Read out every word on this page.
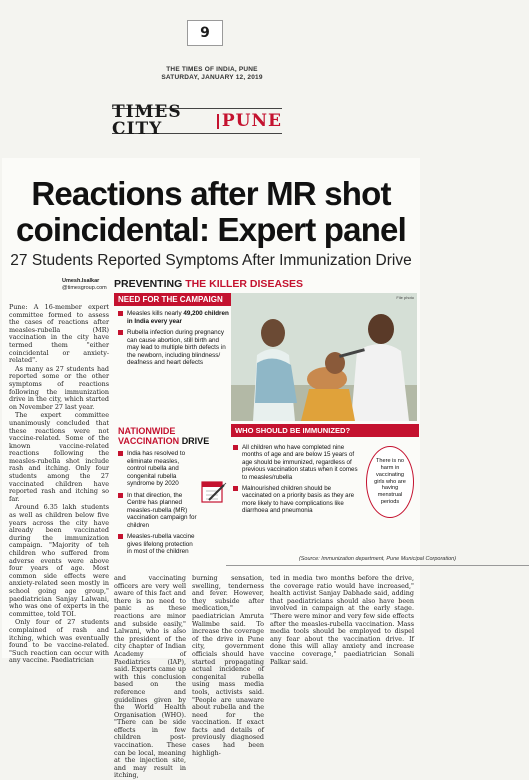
9
THE TIMES OF INDIA, PUNE
SATURDAY, JANUARY 12, 2019
TIMES CITY	PUNE
Reactions after MR shot
coincidental: Expert panel
27 Students Reported Symptoms After Immunization Drive
Umesh.Isalkar
@timesgroup.com

Pune: A 16-member expert committee formed to assess the cases of reactions after measles-rubella (MR) vaccination in the city have termed them "either coincidental or anxiety-related".

As many as 27 students had reported some or the other symptoms of reactions following the immunization drive in the city, which started on November 27 last year.

The expert committee unanimously concluded that these reactions were not vaccine-related. Some of the known vaccine-related reactions following the measles-rubella shot include rash and itching. Only four students among the 27 vaccinated children have reported rash and itching so far.

Around 6.35 lakh students as well as children below five years across the city have already been vaccinated during the immunization campaign. "Majority of teh children who suffered from adverse events were above four years of age. Most common side effects were anxiety-related seen mostly in school going age group," paediatrician Sanjay Lalwani, who was one of experts in the committee, told TOI.

Only four of 27 students complained of rash and itching, which was eventually found to be vaccine-related. "Such reaction can occur with any vaccine. Paediatrician

PREVENTING THE KILLER DISEASES
NEED FOR THE CAMPAIGN
Measles kills nearly 49,200 children in India every year
Rubella infection during pregnancy can cause abortion, still birth and may lead to multiple birth defects in the newborn, including blindness/ deafness and heart defects
NATIONWIDE VACCINATION DRIVE
India has resolved to eliminate measles, control rubella and congenital rubella syndrome by 2020
In that direction, the Centre has planned measles-rubella (MR) vaccination campaign for children
Measles-rubella vaccine gives lifelong protection in most of the children
File photo
WHO SHOULD BE IMMUNIZED?
All children who have completed nine months of age and are below 15 years of age should be immunized, regardless of previous vaccination status when it comes to measles/rubella
Malnourished children should be vaccinated on a priority basis as they are more likely to have complications like diarrhoea and pneumonia
There is no harm in vaccinating girls who are having menstrual periods
(Source: Immunization department, Pune Municipal Corporation)
and vaccinating officers are very well aware of this fact and there is no need to panic as these reactions are minor and subside easily," Lalwani, who is also the president of the city chapter of Indian Academy of Paediatrics (IAP), said. Experts came up with this conclusion based on the reference and guidelines given by the World Health Organisation (WHO). "There can be side effects in few children post-vaccination. These can be local, meaning at the injection site, and may result in itching,
burning sensation, swelling, tenderness and fever. However, they subside after medication," paediatrician Amruta Walimbe said. To increase the coverage of the drive in Pune city, government officials should have started propagating actual incidence of congenital rubella using mass media tools, activists said. "People are unaware about rubella and the need for the vaccination. If exact facts and details of previously diagnosed cases had been highligh-
ted in media two months before the drive, the coverage ratio would have increased," health activist Sanjay Dabhade said, adding that paediatricians should also have been involved in campaign at the early stage. "There were minor and very few side effects after the measles-rubella vaccination. Mass media tools should be employed to dispel any fear about the vaccination drive. If done this will allay anxiety and increase vaccine coverage," paediatrician Sonali Palkar said.
